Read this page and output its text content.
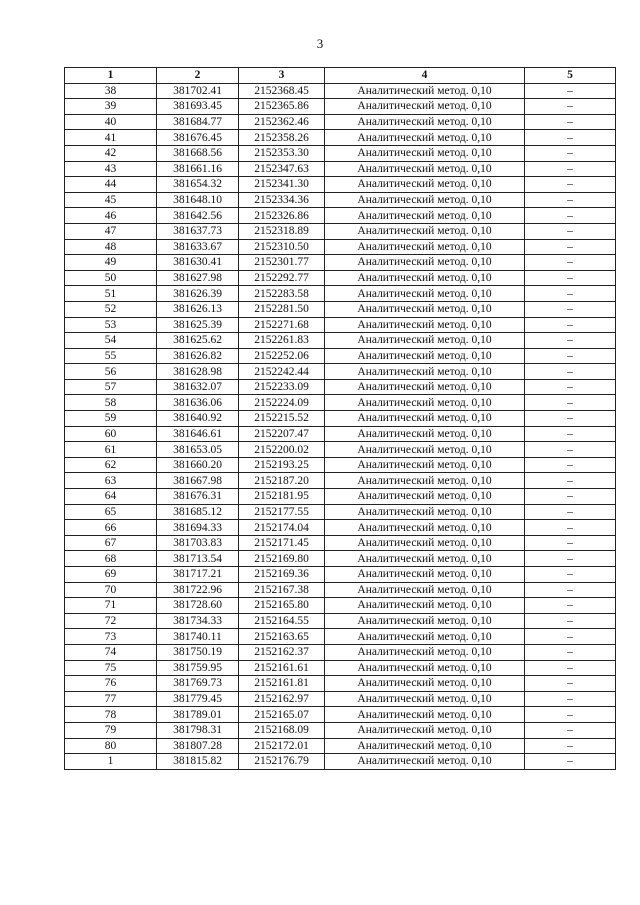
3
1	2	3	4	5
38	381702.41	2152368.45	Аналитический метод. 0,10	–
39	381693.45	2152365.86	Аналитический метод. 0,10	–
40	381684.77	2152362.46	Аналитический метод. 0,10	–
41	381676.45	2152358.26	Аналитический метод. 0,10	–
42	381668.56	2152353.30	Аналитический метод. 0,10	–
43	381661.16	2152347.63	Аналитический метод. 0,10	–
44	381654.32	2152341.30	Аналитический метод. 0,10	–
45	381648.10	2152334.36	Аналитический метод. 0,10	–
46	381642.56	2152326.86	Аналитический метод. 0,10	–
47	381637.73	2152318.89	Аналитический метод. 0,10	–
48	381633.67	2152310.50	Аналитический метод. 0,10	–
49	381630.41	2152301.77	Аналитический метод. 0,10	–
50	381627.98	2152292.77	Аналитический метод. 0,10	–
51	381626.39	2152283.58	Аналитический метод. 0,10	–
52	381626.13	2152281.50	Аналитический метод. 0,10	–
53	381625.39	2152271.68	Аналитический метод. 0,10	–
54	381625.62	2152261.83	Аналитический метод. 0,10	–
55	381626.82	2152252.06	Аналитический метод. 0,10	–
56	381628.98	2152242.44	Аналитический метод. 0,10	–
57	381632.07	2152233.09	Аналитический метод. 0,10	–
58	381636.06	2152224.09	Аналитический метод. 0,10	–
59	381640.92	2152215.52	Аналитический метод. 0,10	–
60	381646.61	2152207.47	Аналитический метод. 0,10	–
61	381653.05	2152200.02	Аналитический метод. 0,10	–
62	381660.20	2152193.25	Аналитический метод. 0,10	–
63	381667.98	2152187.20	Аналитический метод. 0,10	–
64	381676.31	2152181.95	Аналитический метод. 0,10	–
65	381685.12	2152177.55	Аналитический метод. 0,10	–
66	381694.33	2152174.04	Аналитический метод. 0,10	–
67	381703.83	2152171.45	Аналитический метод. 0,10	–
68	381713.54	2152169.80	Аналитический метод. 0,10	–
69	381717.21	2152169.36	Аналитический метод. 0,10	–
70	381722.96	2152167.38	Аналитический метод. 0,10	–
71	381728.60	2152165.80	Аналитический метод. 0,10	–
72	381734.33	2152164.55	Аналитический метод. 0,10	–
73	381740.11	2152163.65	Аналитический метод. 0,10	–
74	381750.19	2152162.37	Аналитический метод. 0,10	–
75	381759.95	2152161.61	Аналитический метод. 0,10	–
76	381769.73	2152161.81	Аналитический метод. 0,10	–
77	381779.45	2152162.97	Аналитический метод. 0,10	–
78	381789.01	2152165.07	Аналитический метод. 0,10	–
79	381798.31	2152168.09	Аналитический метод. 0,10	–
80	381807.28	2152172.01	Аналитический метод. 0,10	–
1	381815.82	2152176.79	Аналитический метод. 0,10	–
